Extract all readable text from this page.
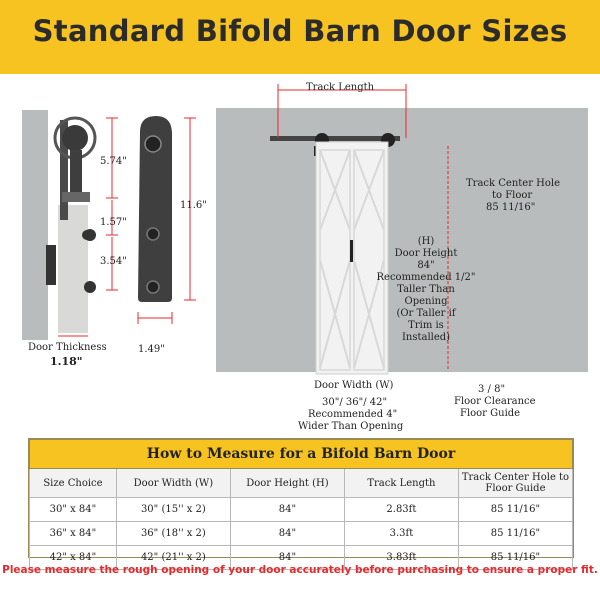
Standard Bifold Barn Door Sizes
5.74"
1.57"
3.54"
11.6"
1.49"
Door Thickness
1.18"
Track Length
Track Center Hole
to Floor
85 11/16"
(H)
Door Height
84"
Recommended 1/2"
Taller Than
Opening
(Or Taller if
Trim is
Installed)
Door Width (W)
30"/ 36"/ 42"
Recommended 4"
Wider Than Opening
3 / 8"
Floor Clearance
Floor Guide
How to Measure for a Bifold Barn Door				
Size Choice	Door Width (W)	Door Height (H)	Track Length	Track Center Hole to Floor Guide
30" x 84"	30" (15'' x 2)	84"	2.83ft	85 11/16"
36" x 84"	36" (18'' x 2)	84"	3.3ft	85 11/16"
42" x 84"	42" (21'' x 2)	84"	3.83ft	85 11/16"
Please measure the rough opening of your door accurately before purchasing to ensure a proper fit.
